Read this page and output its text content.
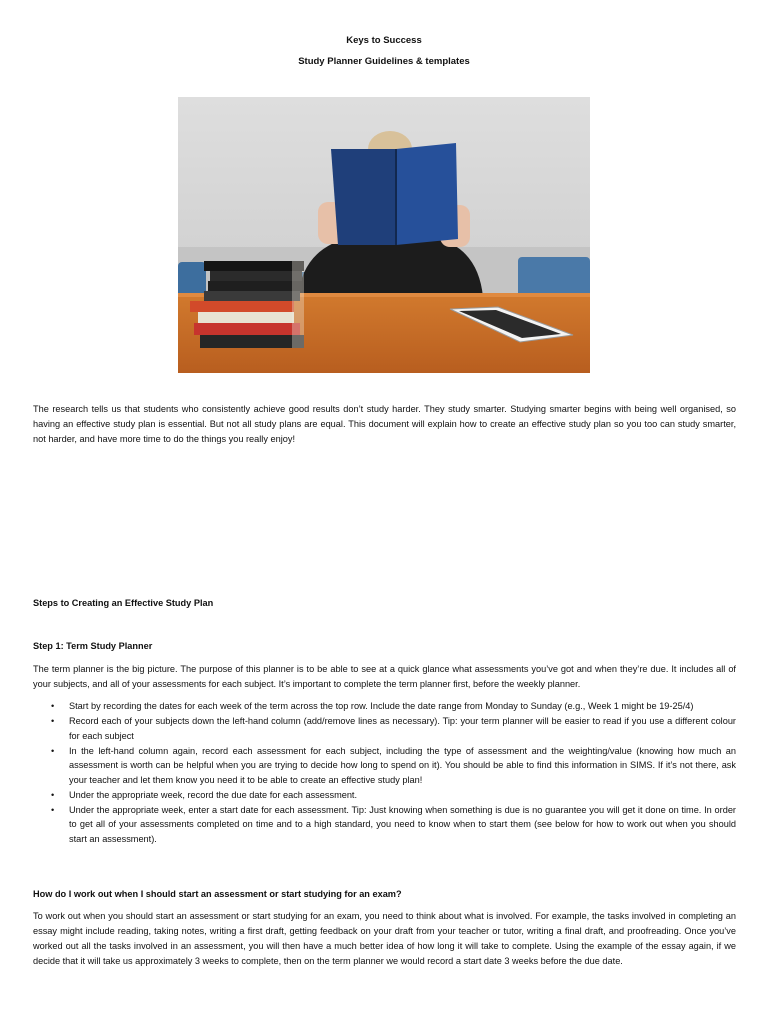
Keys to Success
Study Planner Guidelines & templates

The research tells us that students who consistently achieve good results don’t study harder. They study smarter. Studying smarter begins with being well organised, so having an effective study plan is essential. But not all study plans are equal. This document will explain how to create an effective study plan so you too can study smarter, not harder, and have more time to do the things you really enjoy!

Steps to Creating an Effective Study Plan

Step 1: Term Study Planner

The term planner is the big picture. The purpose of this planner is to be able to see at a quick glance what assessments you’ve got and when they’re due. It includes all of your subjects, and all of your assessments for each subject. It’s important to complete the term planner first, before the weekly planner.

• Start by recording the dates for each week of the term across the top row. Include the date range from Monday to Sunday (e.g., Week 1 might be 19-25/4)
• Record each of your subjects down the left-hand column (add/remove lines as necessary). Tip: your term planner will be easier to read if you use a different colour for each subject
• In the left-hand column again, record each assessment for each subject, including the type of assessment and the weighting/value (knowing how much an assessment is worth can be helpful when you are trying to decide how long to spend on it). You should be able to find this information in SIMS. If it’s not there, ask your teacher and let them know you need it to be able to create an effective study plan!
• Under the appropriate week, record the due date for each assessment.
• Under the appropriate week, enter a start date for each assessment. Tip: Just knowing when something is due is no guarantee you will get it done on time. In order to get all of your assessments completed on time and to a high standard, you need to know when to start them (see below for how to work out when you should start an assessment).

How do I work out when I should start an assessment or start studying for an exam?

To work out when you should start an assessment or start studying for an exam, you need to think about what is involved. For example, the tasks involved in completing an essay might include reading, taking notes, writing a first draft, getting feedback on your draft from your teacher or tutor, writing a final draft, and proofreading. Once you’ve worked out all the tasks involved in an assessment, you will then have a much better idea of how long it will take to complete. Using the example of the essay again, if we decide that it will take us approximately 3 weeks to complete, then on the term planner we would record a start date 3 weeks before the due date.
